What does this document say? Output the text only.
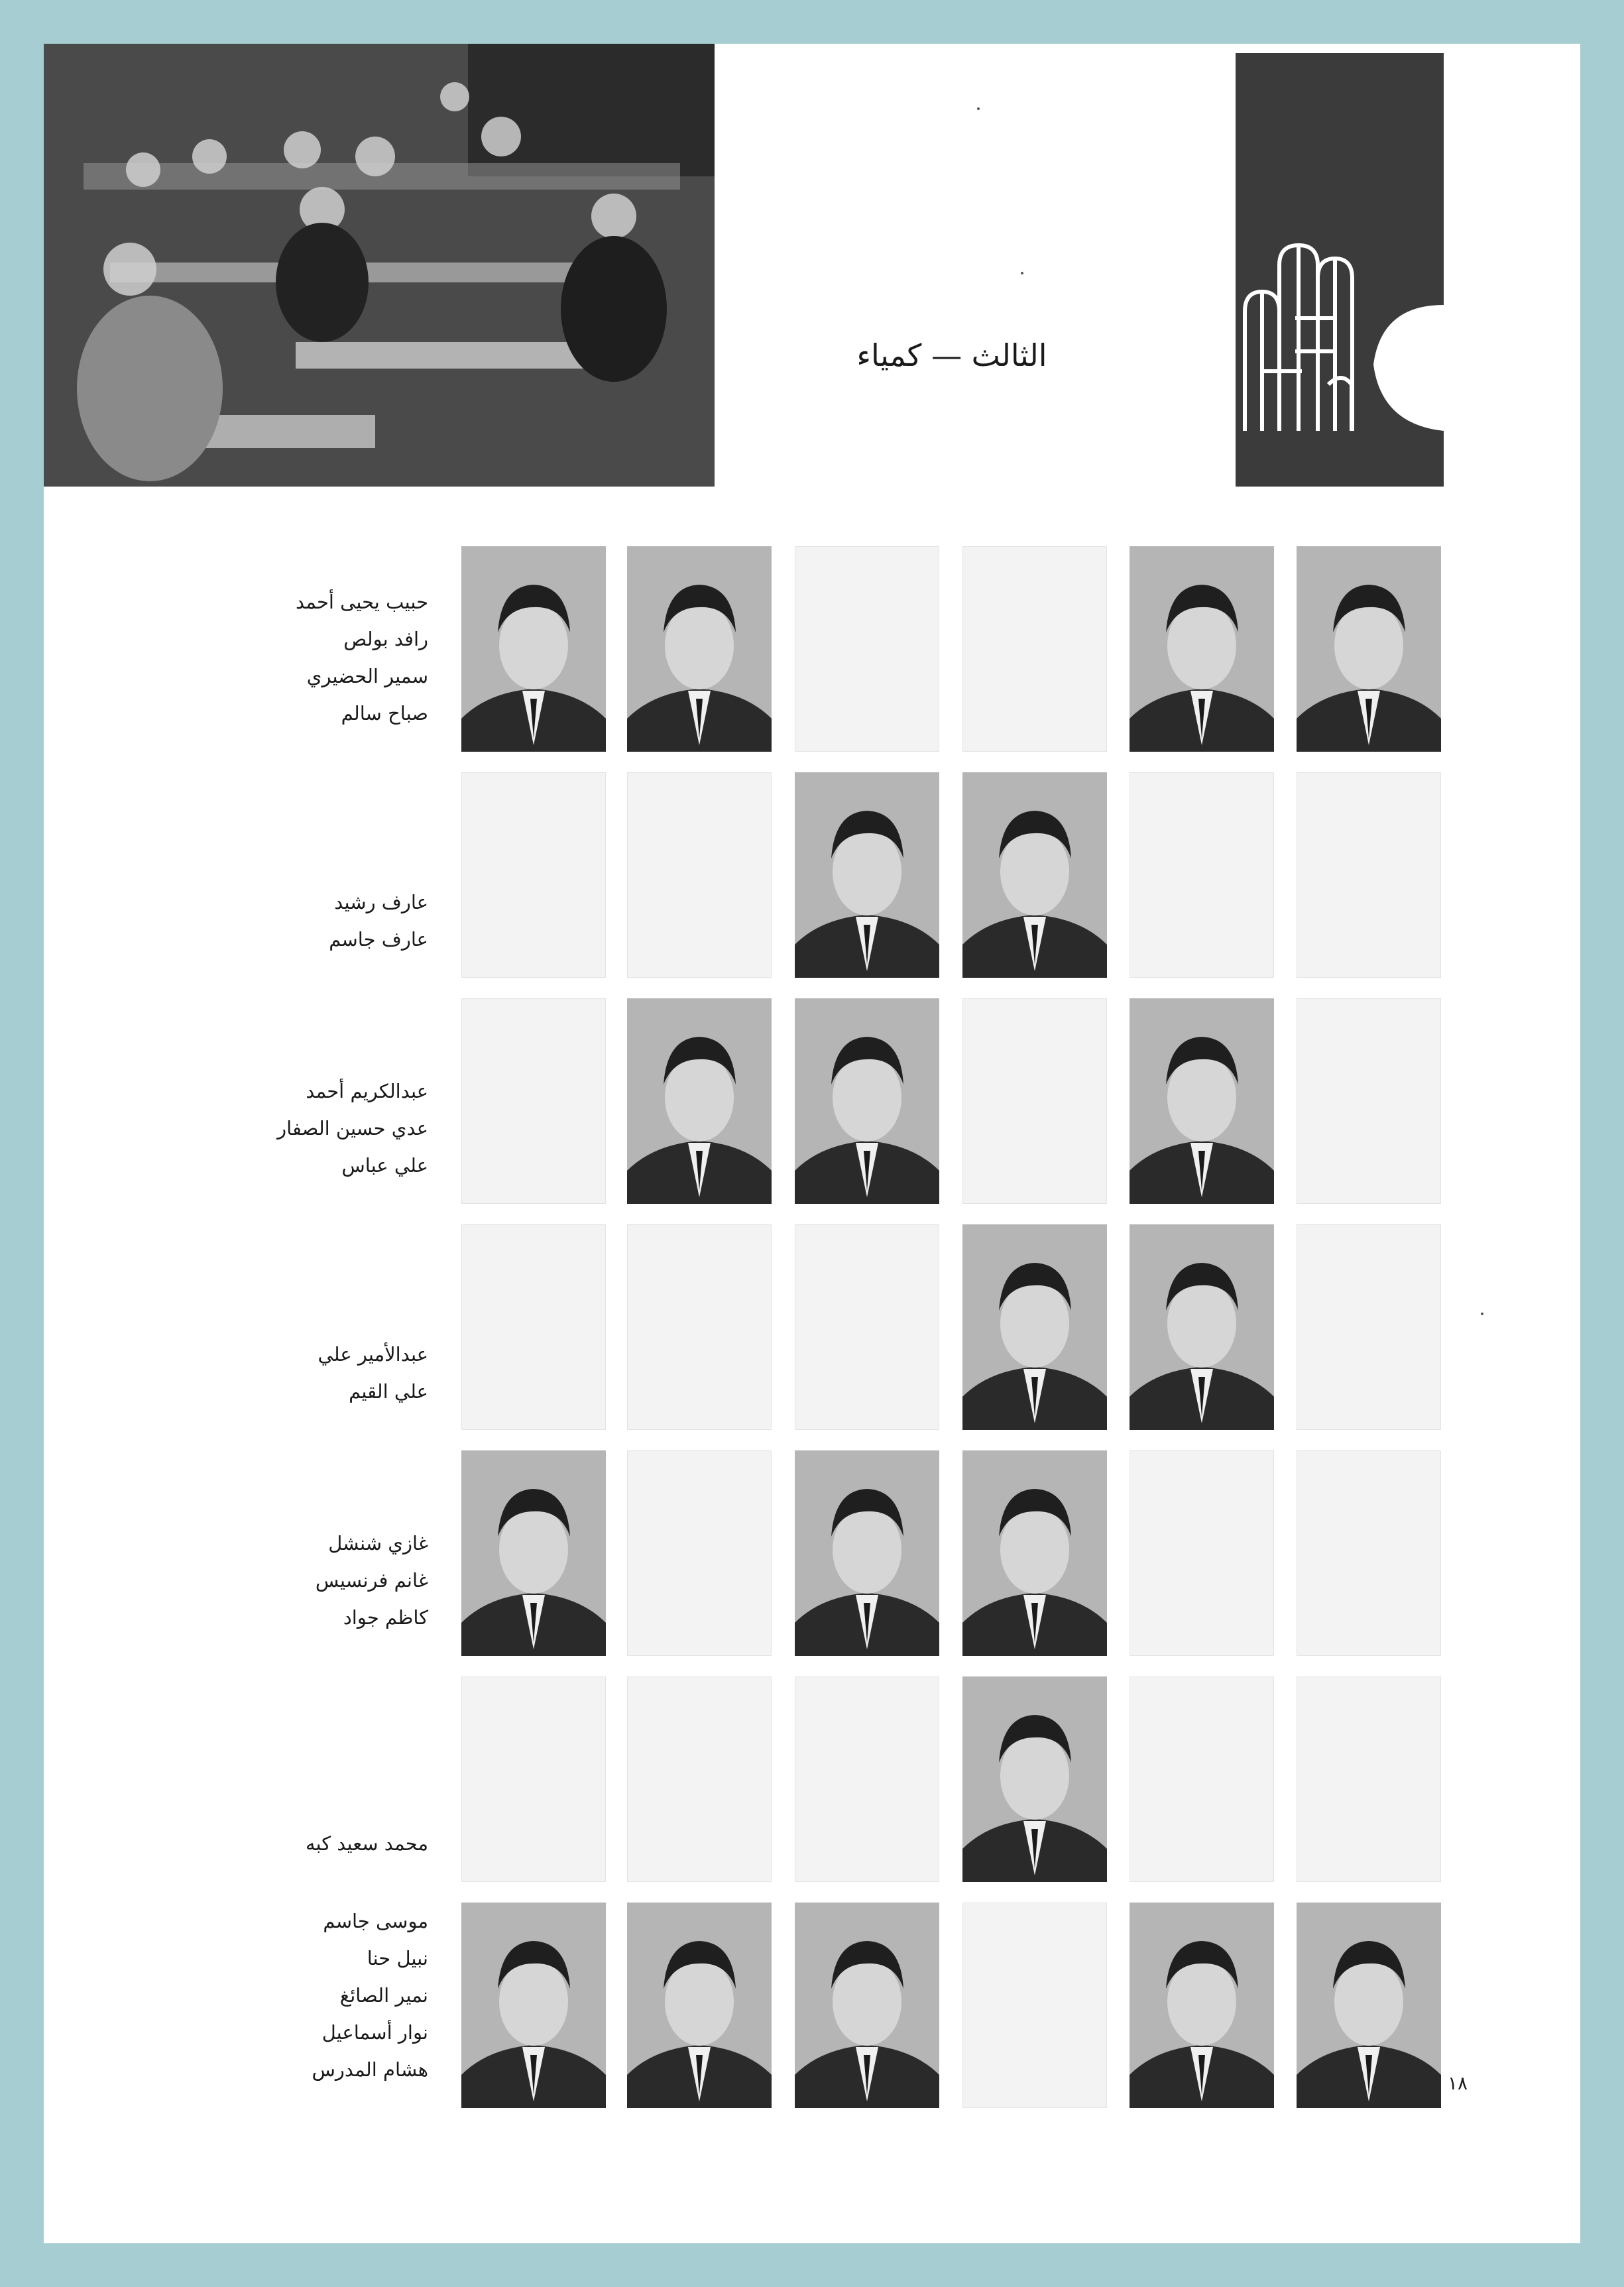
الثالث — كمياء
حبيب يحيى أحمد
رافد بولص
سمير الحضيري
صباح سالم
عارف رشيد
عارف جاسم
عبدالكريم أحمد
عدي حسين الصفار
علي عباس
عبدالأمير علي
علي القيم
غازي شنشل
غانم فرنسيس
كاظم جواد
محمد سعيد كبه
موسى جاسم
نبيل حنا
نمير الصائغ
نوار أسماعيل
هشام المدرس
١٨
